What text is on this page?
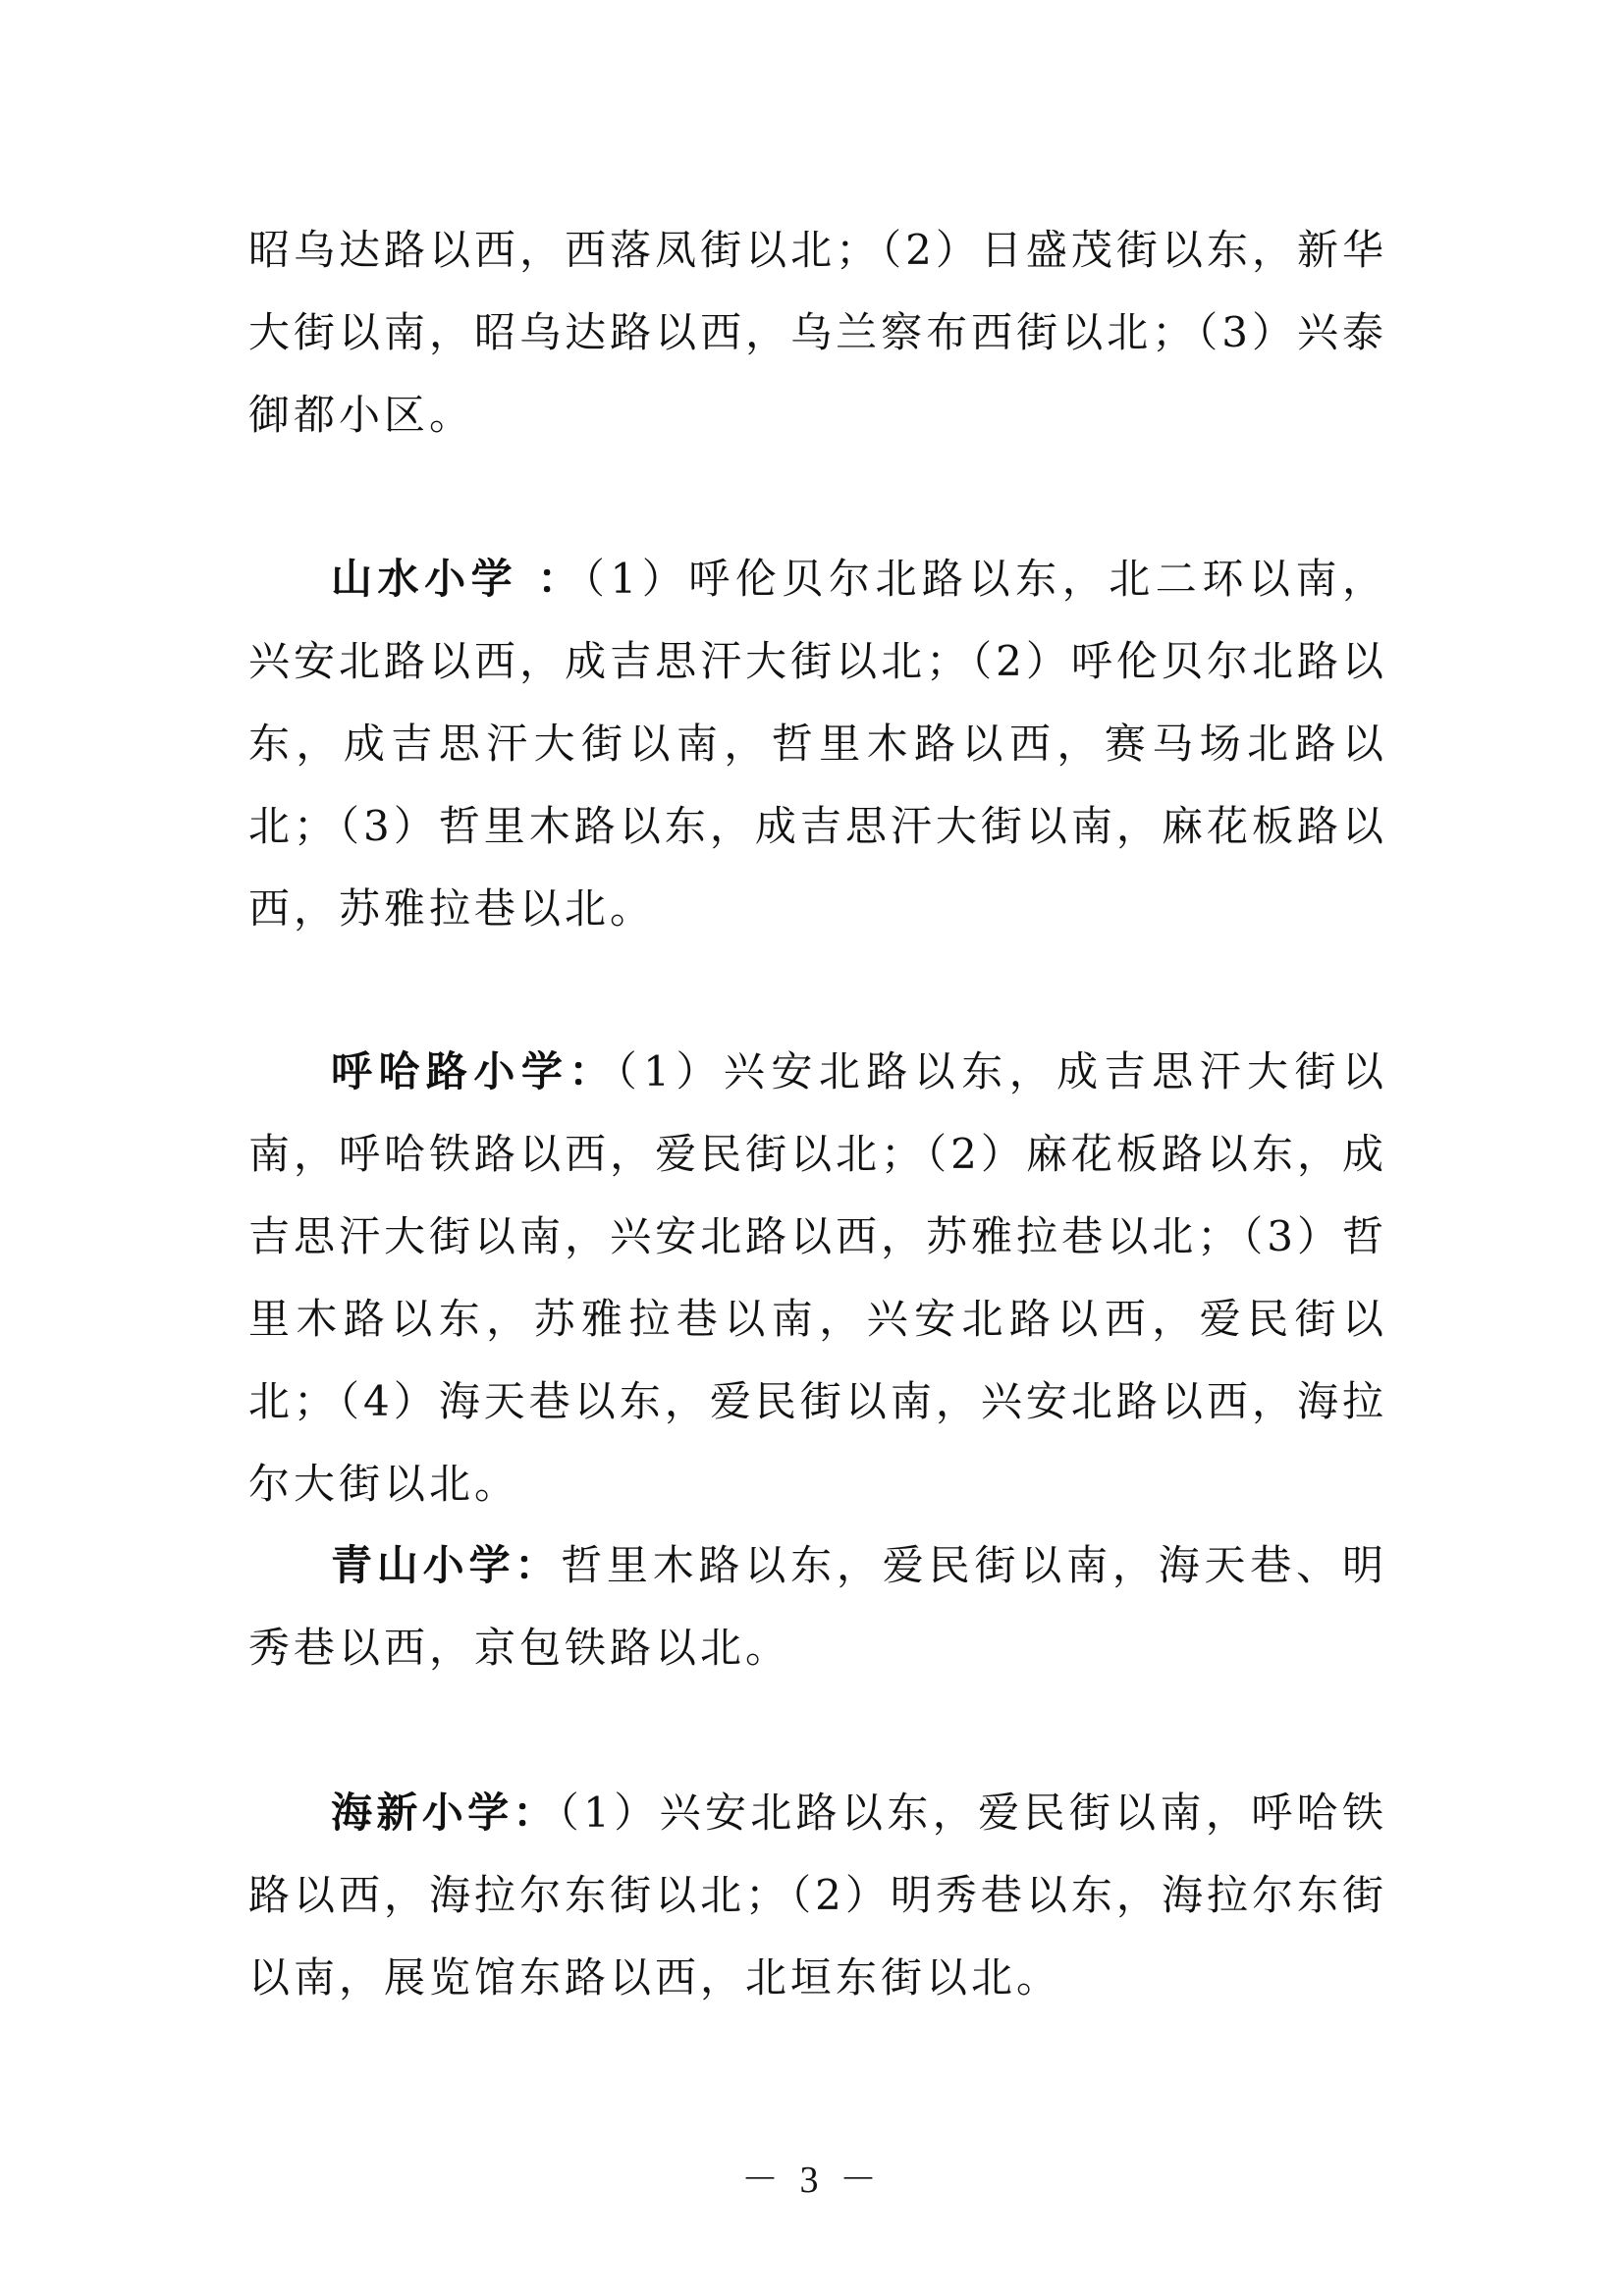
昭乌达路以西，西落凤街以北；（2）日盛茂街以东，新华大街以南，昭乌达路以西，乌兰察布西街以北；（3）兴泰御都小区。

山水小学 ：（1）呼伦贝尔北路以东，北二环以南，兴安北路以西，成吉思汗大街以北；（2）呼伦贝尔北路以东，成吉思汗大街以南，哲里木路以西，赛马场北路以北；（3）哲里木路以东，成吉思汗大街以南，麻花板路以西，苏雅拉巷以北。

呼哈路小学：（1）兴安北路以东，成吉思汗大街以南，呼哈铁路以西，爱民街以北；（2）麻花板路以东，成吉思汗大街以南，兴安北路以西，苏雅拉巷以北；（3）哲里木路以东，苏雅拉巷以南，兴安北路以西，爱民街以北；（4）海天巷以东，爱民街以南，兴安北路以西，海拉尔大街以北。

青山小学：哲里木路以东，爱民街以南，海天巷、明秀巷以西，京包铁路以北。

海新小学：（1）兴安北路以东，爱民街以南，呼哈铁路以西，海拉尔东街以北；（2）明秀巷以东，海拉尔东街以南，展览馆东路以西，北垣东街以北。

－ 3 －
